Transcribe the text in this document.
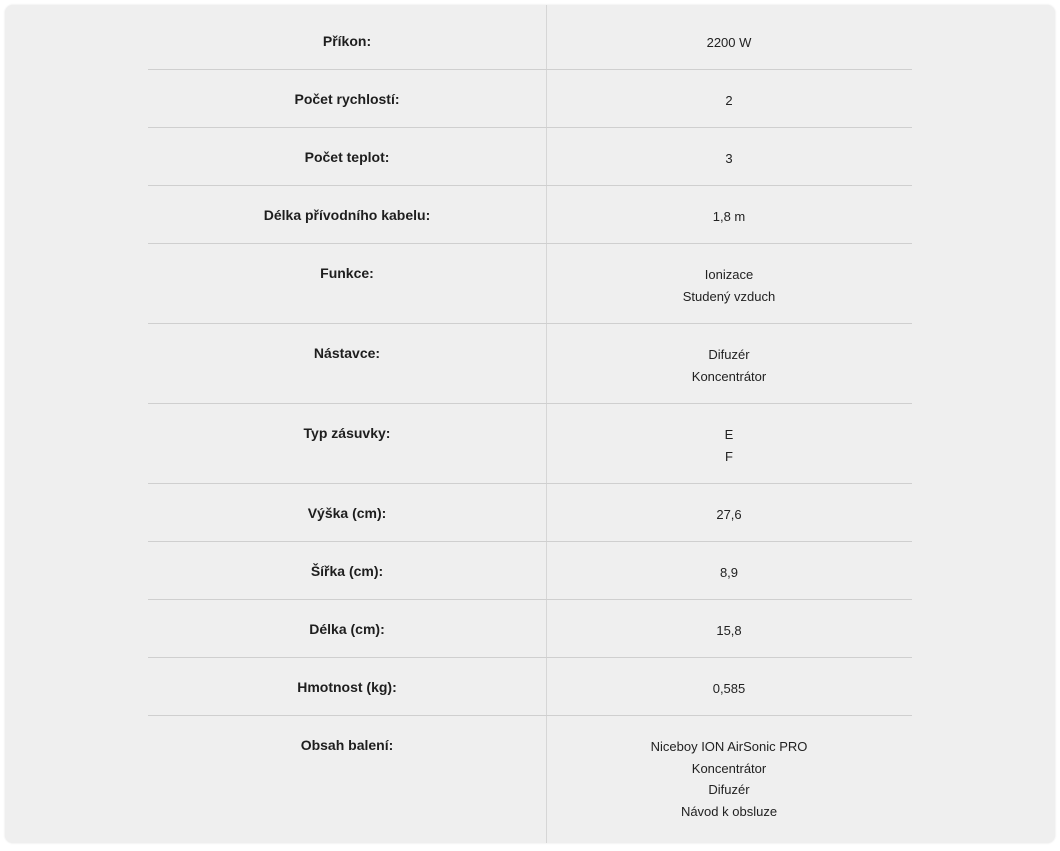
Příkon:	2200 W
Počet rychlostí:	2
Počet teplot:	3
Délka přívodního kabelu:	1,8 m
Funkce:	Ionizace
Studený vzduch
Nástavce:	Difuzér
Koncentrátor
Typ zásuvky:	E
F
Výška (cm):	27,6
Šířka (cm):	8,9
Délka (cm):	15,8
Hmotnost (kg):	0,585
Obsah balení:	Niceboy ION AirSonic PRO
Koncentrátor
Difuzér
Návod k obsluze
